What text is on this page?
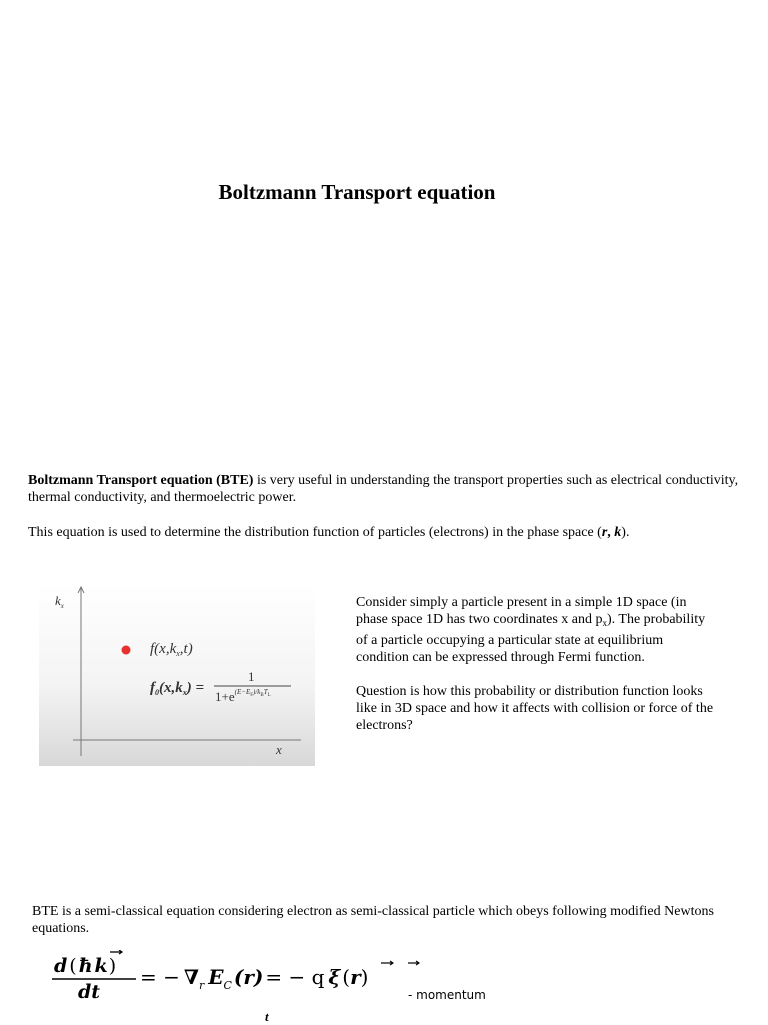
Boltzmann Transport equation
Boltzmann Transport equation (BTE) is very useful in understanding the transport properties such as electrical conductivity, thermal conductivity, and thermoelectric power.
This equation is used to determine the distribution function of particles (electrons) in the phase space (r, k).
$k_x$
x
$f(x,k_x,t)$
$f_0(x,k_x)$ =
1
$1+e^{(E-E}F$)/kBTL
Consider simply a particle present in a simple 1D space (in phase space 1D has two coordinates x and $p_x$). The probability of a particle occupying a particular state at equilibrium condition can be expressed through Fermi function.
Question is how this probability or distribution function looks like in 3D space and how it affects with collision or force of the electrons?
BTE is a semi-classical equation considering electron as semi-classical particle which obeys following modified Newtons equations.
d ( ħ k)
dt
= − $\nabla_r$ $E_C$ (r) = − q ξ (r)
- momentum
t
